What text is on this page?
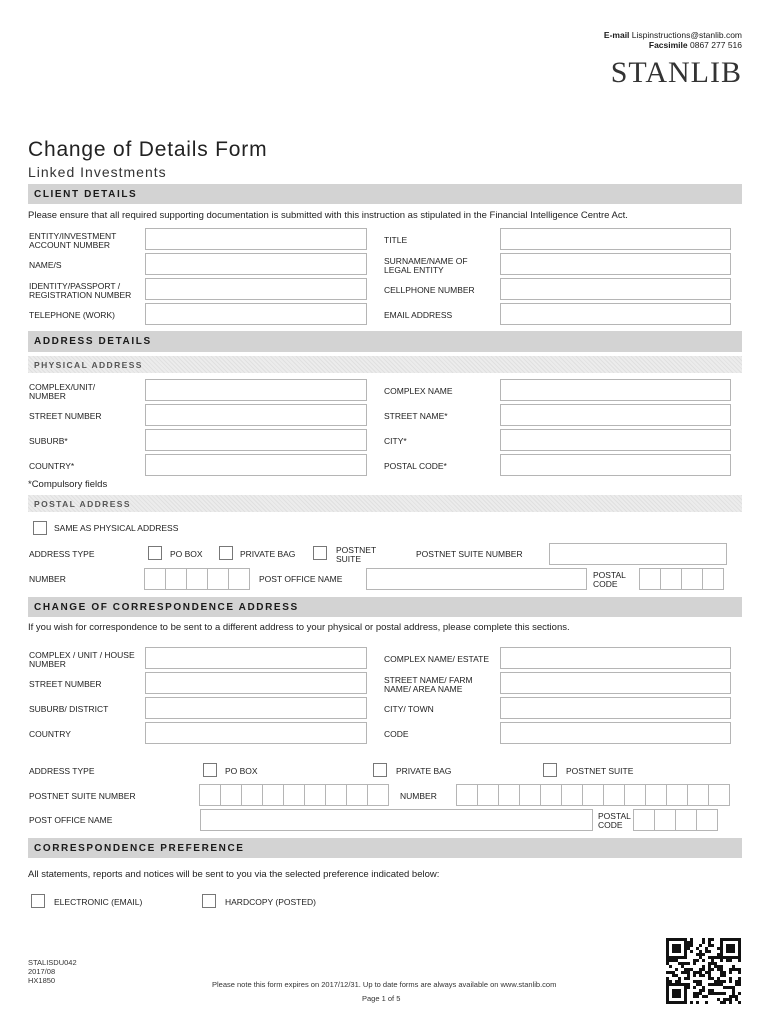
E-mail Lispinstructions@stanlib.com
Facsimile 0867 277 516
STANLIB
Change of Details Form
Linked Investments
CLIENT DETAILS
Please ensure that all required supporting documentation is submitted with this instruction as stipulated in the Financial Intelligence Centre Act.
ENTITY/INVESTMENT
ACCOUNT NUMBER	TITLE
NAME/S	SURNAME/NAME OF
LEGAL ENTITY
IDENTITY/PASSPORT /
REGISTRATION NUMBER	CELLPHONE NUMBER
TELEPHONE (WORK)	EMAIL ADDRESS
ADDRESS DETAILS
PHYSICAL ADDRESS
COMPLEX/UNIT/
NUMBER	COMPLEX NAME
STREET NUMBER	STREET NAME*
SUBURB*	CITY*
COUNTRY*	POSTAL CODE*
*Compulsory fields
POSTAL ADDRESS
SAME AS PHYSICAL ADDRESS
ADDRESS TYPE	PO BOX	PRIVATE BAG	POSTNET
SUITE	POSTNET SUITE NUMBER
NUMBER	POST OFFICE NAME	POSTAL
CODE
CHANGE OF CORRESPONDENCE ADDRESS
If you wish for correspondence to be sent to a different address to your physical or postal address, please complete this sections.
COMPLEX / UNIT / HOUSE
NUMBER	COMPLEX NAME/ ESTATE
STREET NUMBER	STREET NAME/ FARM
NAME/ AREA NAME
SUBURB/ DISTRICT	CITY/ TOWN
COUNTRY	CODE
ADDRESS TYPE	PO BOX	PRIVATE BAG	POSTNET SUITE
POSTNET SUITE NUMBER	NUMBER
POST OFFICE NAME	POSTAL
CODE
CORRESPONDENCE PREFERENCE
All statements, reports and notices will be sent to you via the selected preference indicated below:
ELECTRONIC (EMAIL)	HARDCOPY (POSTED)
STALISDU042
2017/08
HX1850	Please note this form expires on 2017/12/31. Up to date forms are always available on www.stanlib.com
Page 1 of 5
